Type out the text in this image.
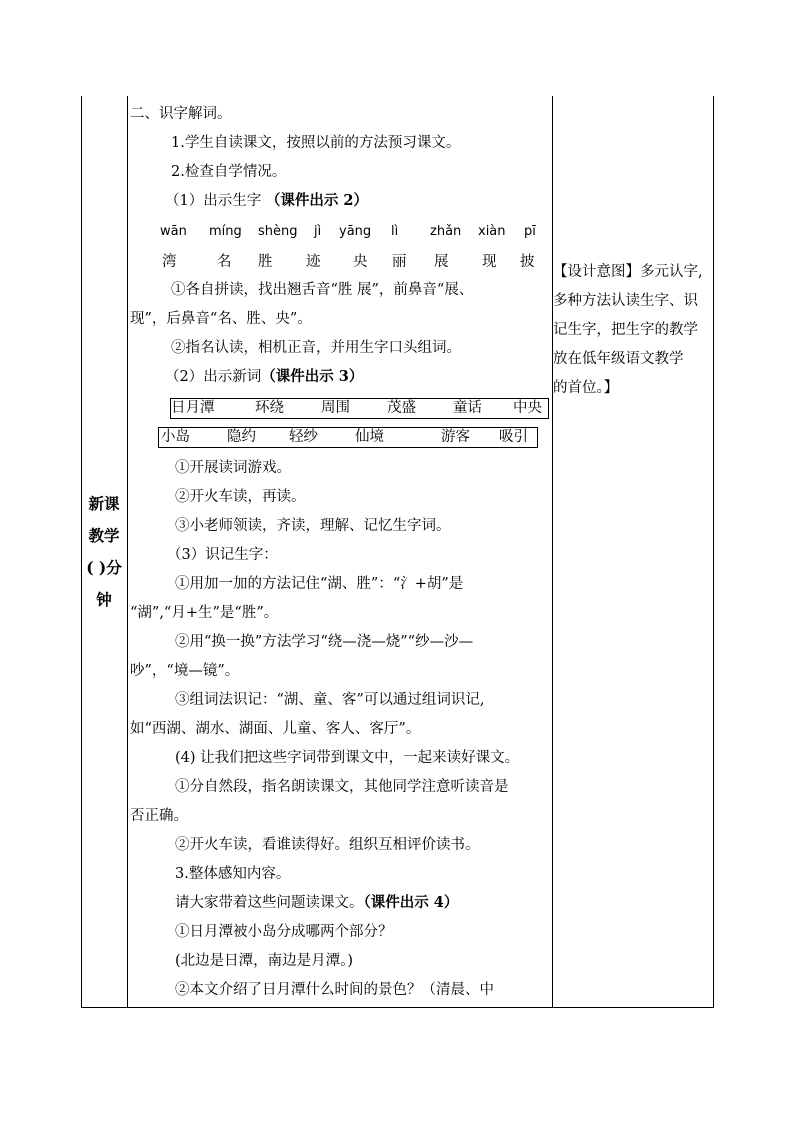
新课
教学
( )分
钟
二、识字解词。
1.学生自读课文，按照以前的方法预习课文。
2.检查自学情况。
（1）出示生字 （课件出示 2）
wān míng shèng jì yāng lì zhǎn xiàn pī
湾	名 胜 迹 央 丽 展 现 披
①各自拼读，找出翘舌音“胜 展”，前鼻音“展、
现”，后鼻音“名、胜、央”。
②指名认读，相机正音，并用生字口头组词。
（2）出示新词（课件出示 3）
日月潭	环绕	周围	茂盛	童话 中央
小岛	隐约 轻纱	仙境	游客 吸引
①开展读词游戏。
②开火车读，再读。
③小老师领读，齐读，理解、记忆生字词。
（3）识记生字：
①用加一加的方法记住“湖、胜”：“氵+胡”是
“湖”,“月+生”是“胜”。
②用“换一换”方法学习“绕—浇—烧”“纱—沙—
吵”，“境—镜”。
③组词法识记：“湖、童、客”可以通过组词识记,
如“西湖、湖水、湖面、儿童、客人、客厅”。
(4) 让我们把这些字词带到课文中，一起来读好课文。
①分自然段，指名朗读课文，其他同学注意听读音是
否正确。
②开火车读，看谁读得好。组织互相评价读书。
3.整体感知内容。
请大家带着这些问题读课文。（课件出示 4）
①日月潭被小岛分成哪两个部分？
(北边是日潭，南边是月潭。)
②本文介绍了日月潭什么时间的景色？（清晨、中
【设计意图】多元认字,
多种方法认读生字、识
记生字，把生字的教学
放在低年级语文教学
的首位。】
